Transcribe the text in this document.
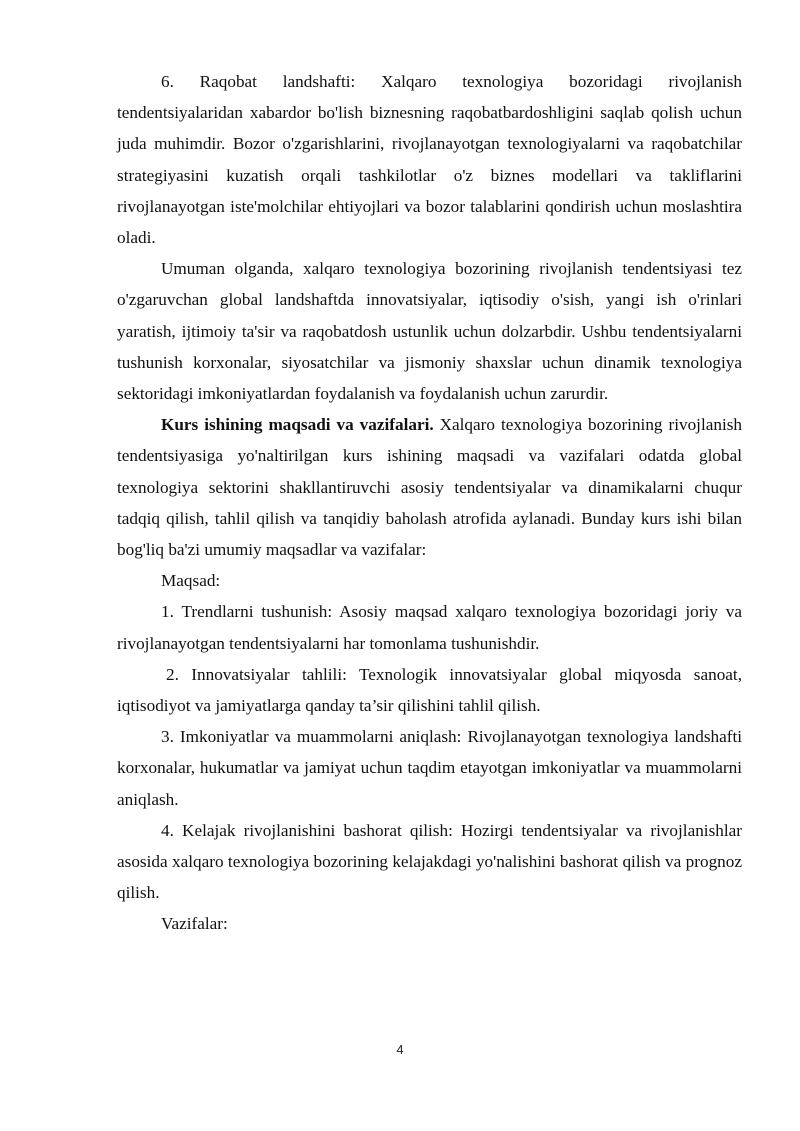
6. Raqobat landshafti: Xalqaro texnologiya bozoridagi rivojlanish tendentsiyalaridan xabardor bo'lish biznesning raqobatbardoshligini saqlab qolish uchun juda muhimdir. Bozor o'zgarishlarini, rivojlanayotgan texnologiyalarni va raqobatchilar strategiyasini kuzatish orqali tashkilotlar o'z biznes modellari va takliflarini rivojlanayotgan iste'molchilar ehtiyojlari va bozor talablarini qondirish uchun moslashtira oladi.

Umuman olganda, xalqaro texnologiya bozorining rivojlanish tendentsiyasi tez o'zgaruvchan global landshaftda innovatsiyalar, iqtisodiy o'sish, yangi ish o'rinlari yaratish, ijtimoiy ta'sir va raqobatdosh ustunlik uchun dolzarbdir. Ushbu tendentsiyalarni tushunish korxonalar, siyosatchilar va jismoniy shaxslar uchun dinamik texnologiya sektoridagi imkoniyatlardan foydalanish va foydalanish uchun zarurdir.

Kurs ishining maqsadi va vazifalari. Xalqaro texnologiya bozorining rivojlanish tendentsiyasiga yo'naltirilgan kurs ishining maqsadi va vazifalari odatda global texnologiya sektorini shakllantiruvchi asosiy tendentsiyalar va dinamikalarni chuqur tadqiq qilish, tahlil qilish va tanqidiy baholash atrofida aylanadi. Bunday kurs ishi bilan bog'liq ba'zi umumiy maqsadlar va vazifalar:

Maqsad:

1. Trendlarni tushunish: Asosiy maqsad xalqaro texnologiya bozoridagi joriy va rivojlanayotgan tendentsiyalarni har tomonlama tushunishdir.

2. Innovatsiyalar tahlili: Texnologik innovatsiyalar global miqyosda sanoat, iqtisodiyot va jamiyatlarga qanday ta’sir qilishini tahlil qilish.

3. Imkoniyatlar va muammolarni aniqlash: Rivojlanayotgan texnologiya landshafti korxonalar, hukumatlar va jamiyat uchun taqdim etayotgan imkoniyatlar va muammolarni aniqlash.

4. Kelajak rivojlanishini bashorat qilish: Hozirgi tendentsiyalar va rivojlanishlar asosida xalqaro texnologiya bozorining kelajakdagi yo'nalishini bashorat qilish va prognoz qilish.

Vazifalar:

4
